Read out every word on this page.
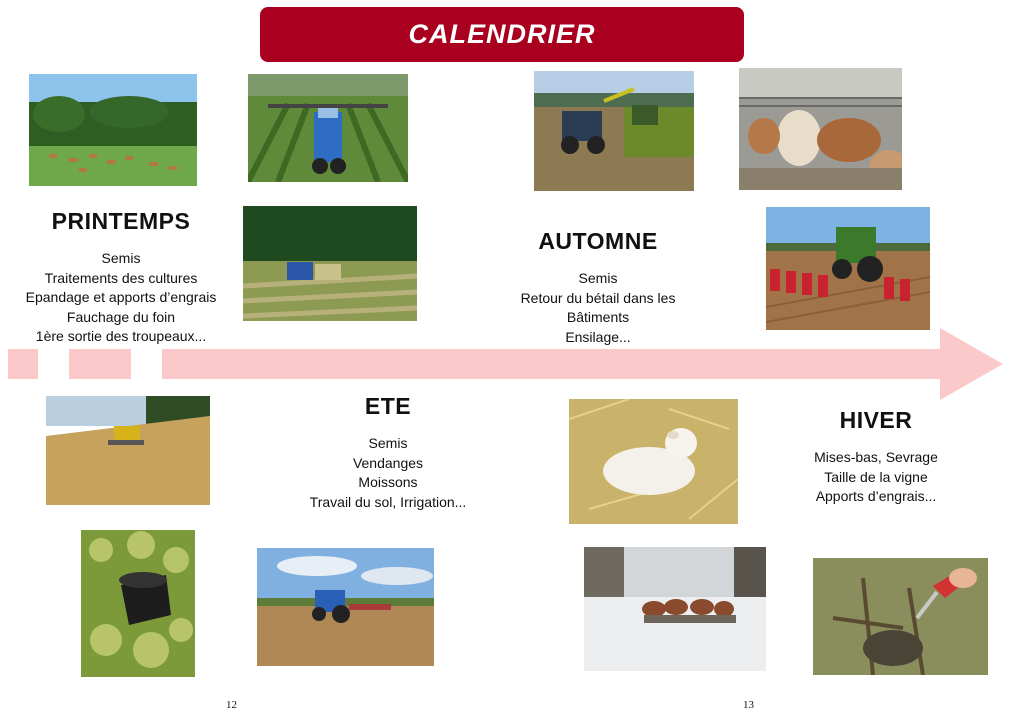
CALENDRIER
PRINTEMPS
Semis
Traitements des cultures
Epandage et apports d’engrais
Fauchage du foin
1ère sortie des troupeaux...
AUTOMNE
Semis
Retour du bétail dans les
Bâtiments
Ensilage...
ETE
Semis
Vendanges
Moissons
Travail du sol, Irrigation...
HIVER
Mises-bas, Sevrage
Taille de la vigne
Apports d’engrais...
12	13
